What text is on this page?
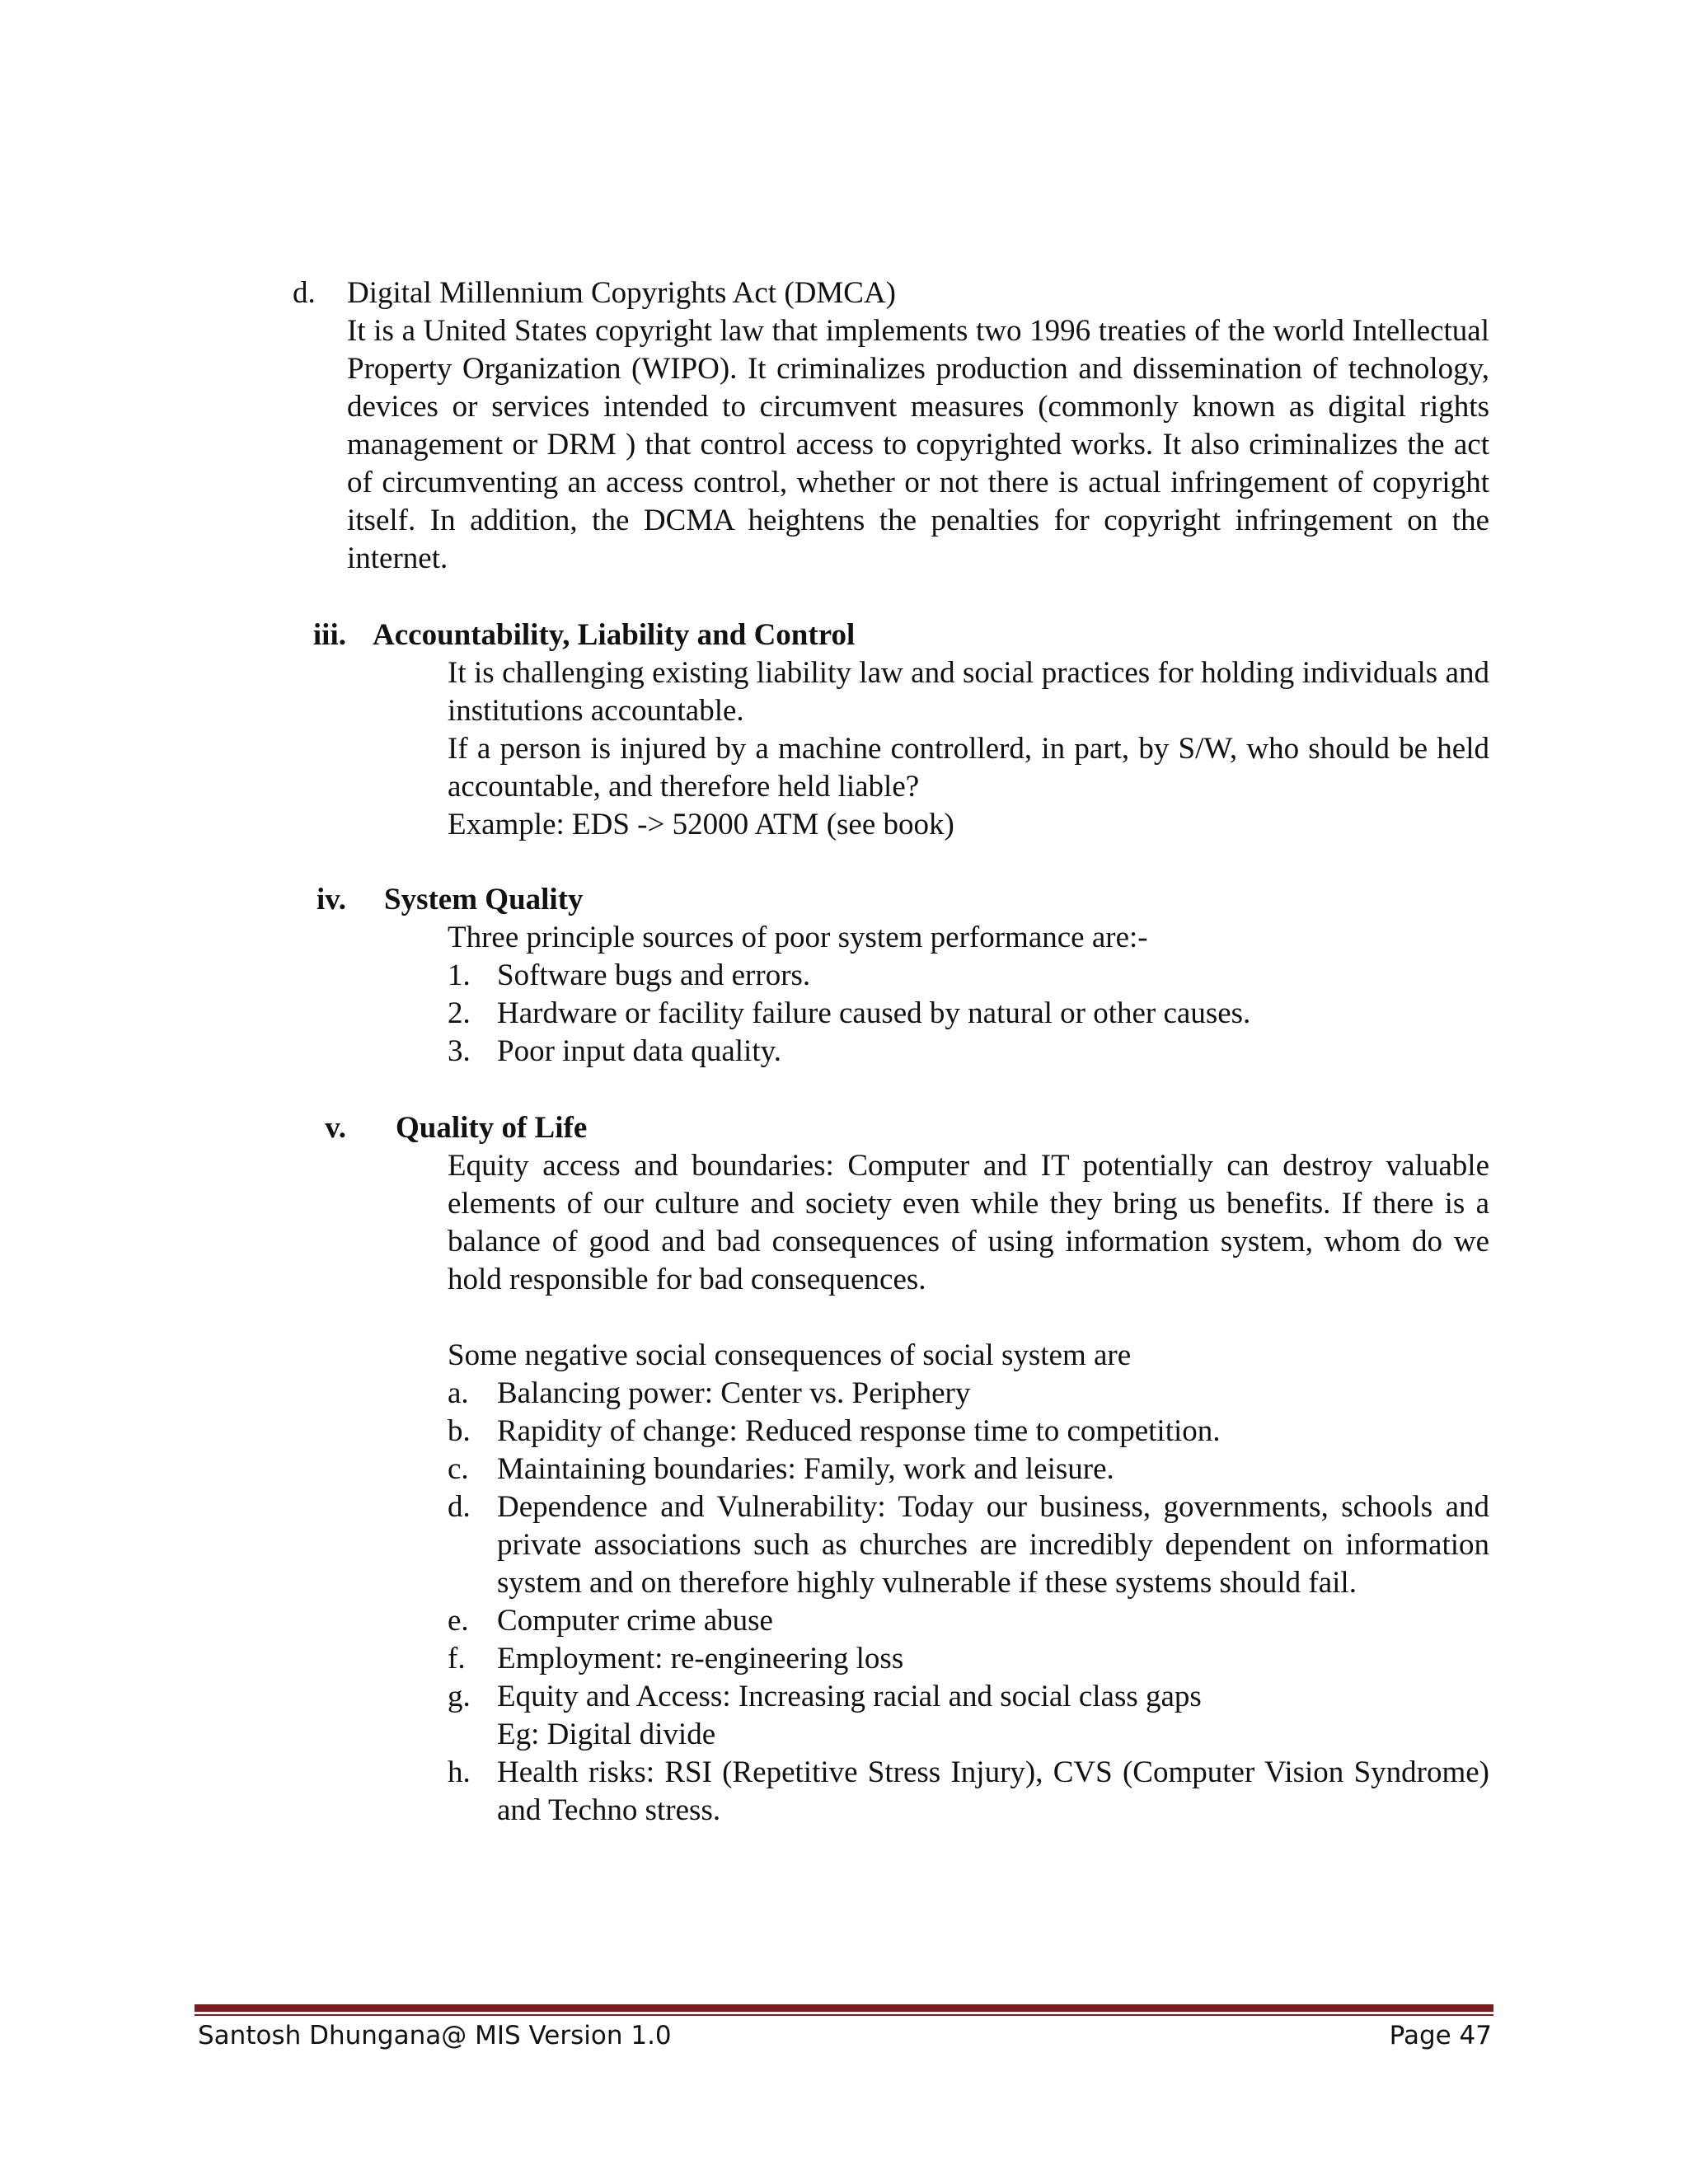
d. Digital Millennium Copyrights Act (DMCA)
It is a United States copyright law that implements two 1996 treaties of the world Intellectual Property Organization (WIPO). It criminalizes production and dissemination of technology, devices or services intended to circumvent measures (commonly known as digital rights management or DRM ) that control access to copyrighted works. It also criminalizes the act of circumventing an access control, whether or not there is actual infringement of copyright itself. In addition, the DCMA heightens the penalties for copyright infringement on the internet.
iii. Accountability, Liability and Control

It is challenging existing liability law and social practices for holding individuals and institutions accountable.

If a person is injured by a machine controllerd, in part, by S/W, who should be held accountable, and therefore held liable?

Example: EDS -> 52000 ATM (see book)

iv. System Quality

Three principle sources of poor system performance are:-

1. Software bugs and errors.
2. Hardware or facility failure caused by natural or other causes.
3. Poor input data quality.
v. Quality of Life

Equity access and boundaries: Computer and IT potentially can destroy valuable elements of our culture and society even while they bring us benefits. If there is a balance of good and bad consequences of using information system, whom do we hold responsible for bad consequences.

Some negative social consequences of social system are

a. Balancing power: Center vs. Periphery
b. Rapidity of change: Reduced response time to competition.
c. Maintaining boundaries: Family, work and leisure.
d. Dependence and Vulnerability: Today our business, governments, schools and private associations such as churches are incredibly dependent on information system and on therefore highly vulnerable if these systems should fail.
e. Computer crime abuse
f. Employment: re-engineering loss
g. Equity and Access: Increasing racial and social class gaps
Eg: Digital divide
h. Health risks: RSI (Repetitive Stress Injury), CVS (Computer Vision Syndrome) and Techno stress.
Santosh Dhungana@ MIS Version 1.0	Page 47
